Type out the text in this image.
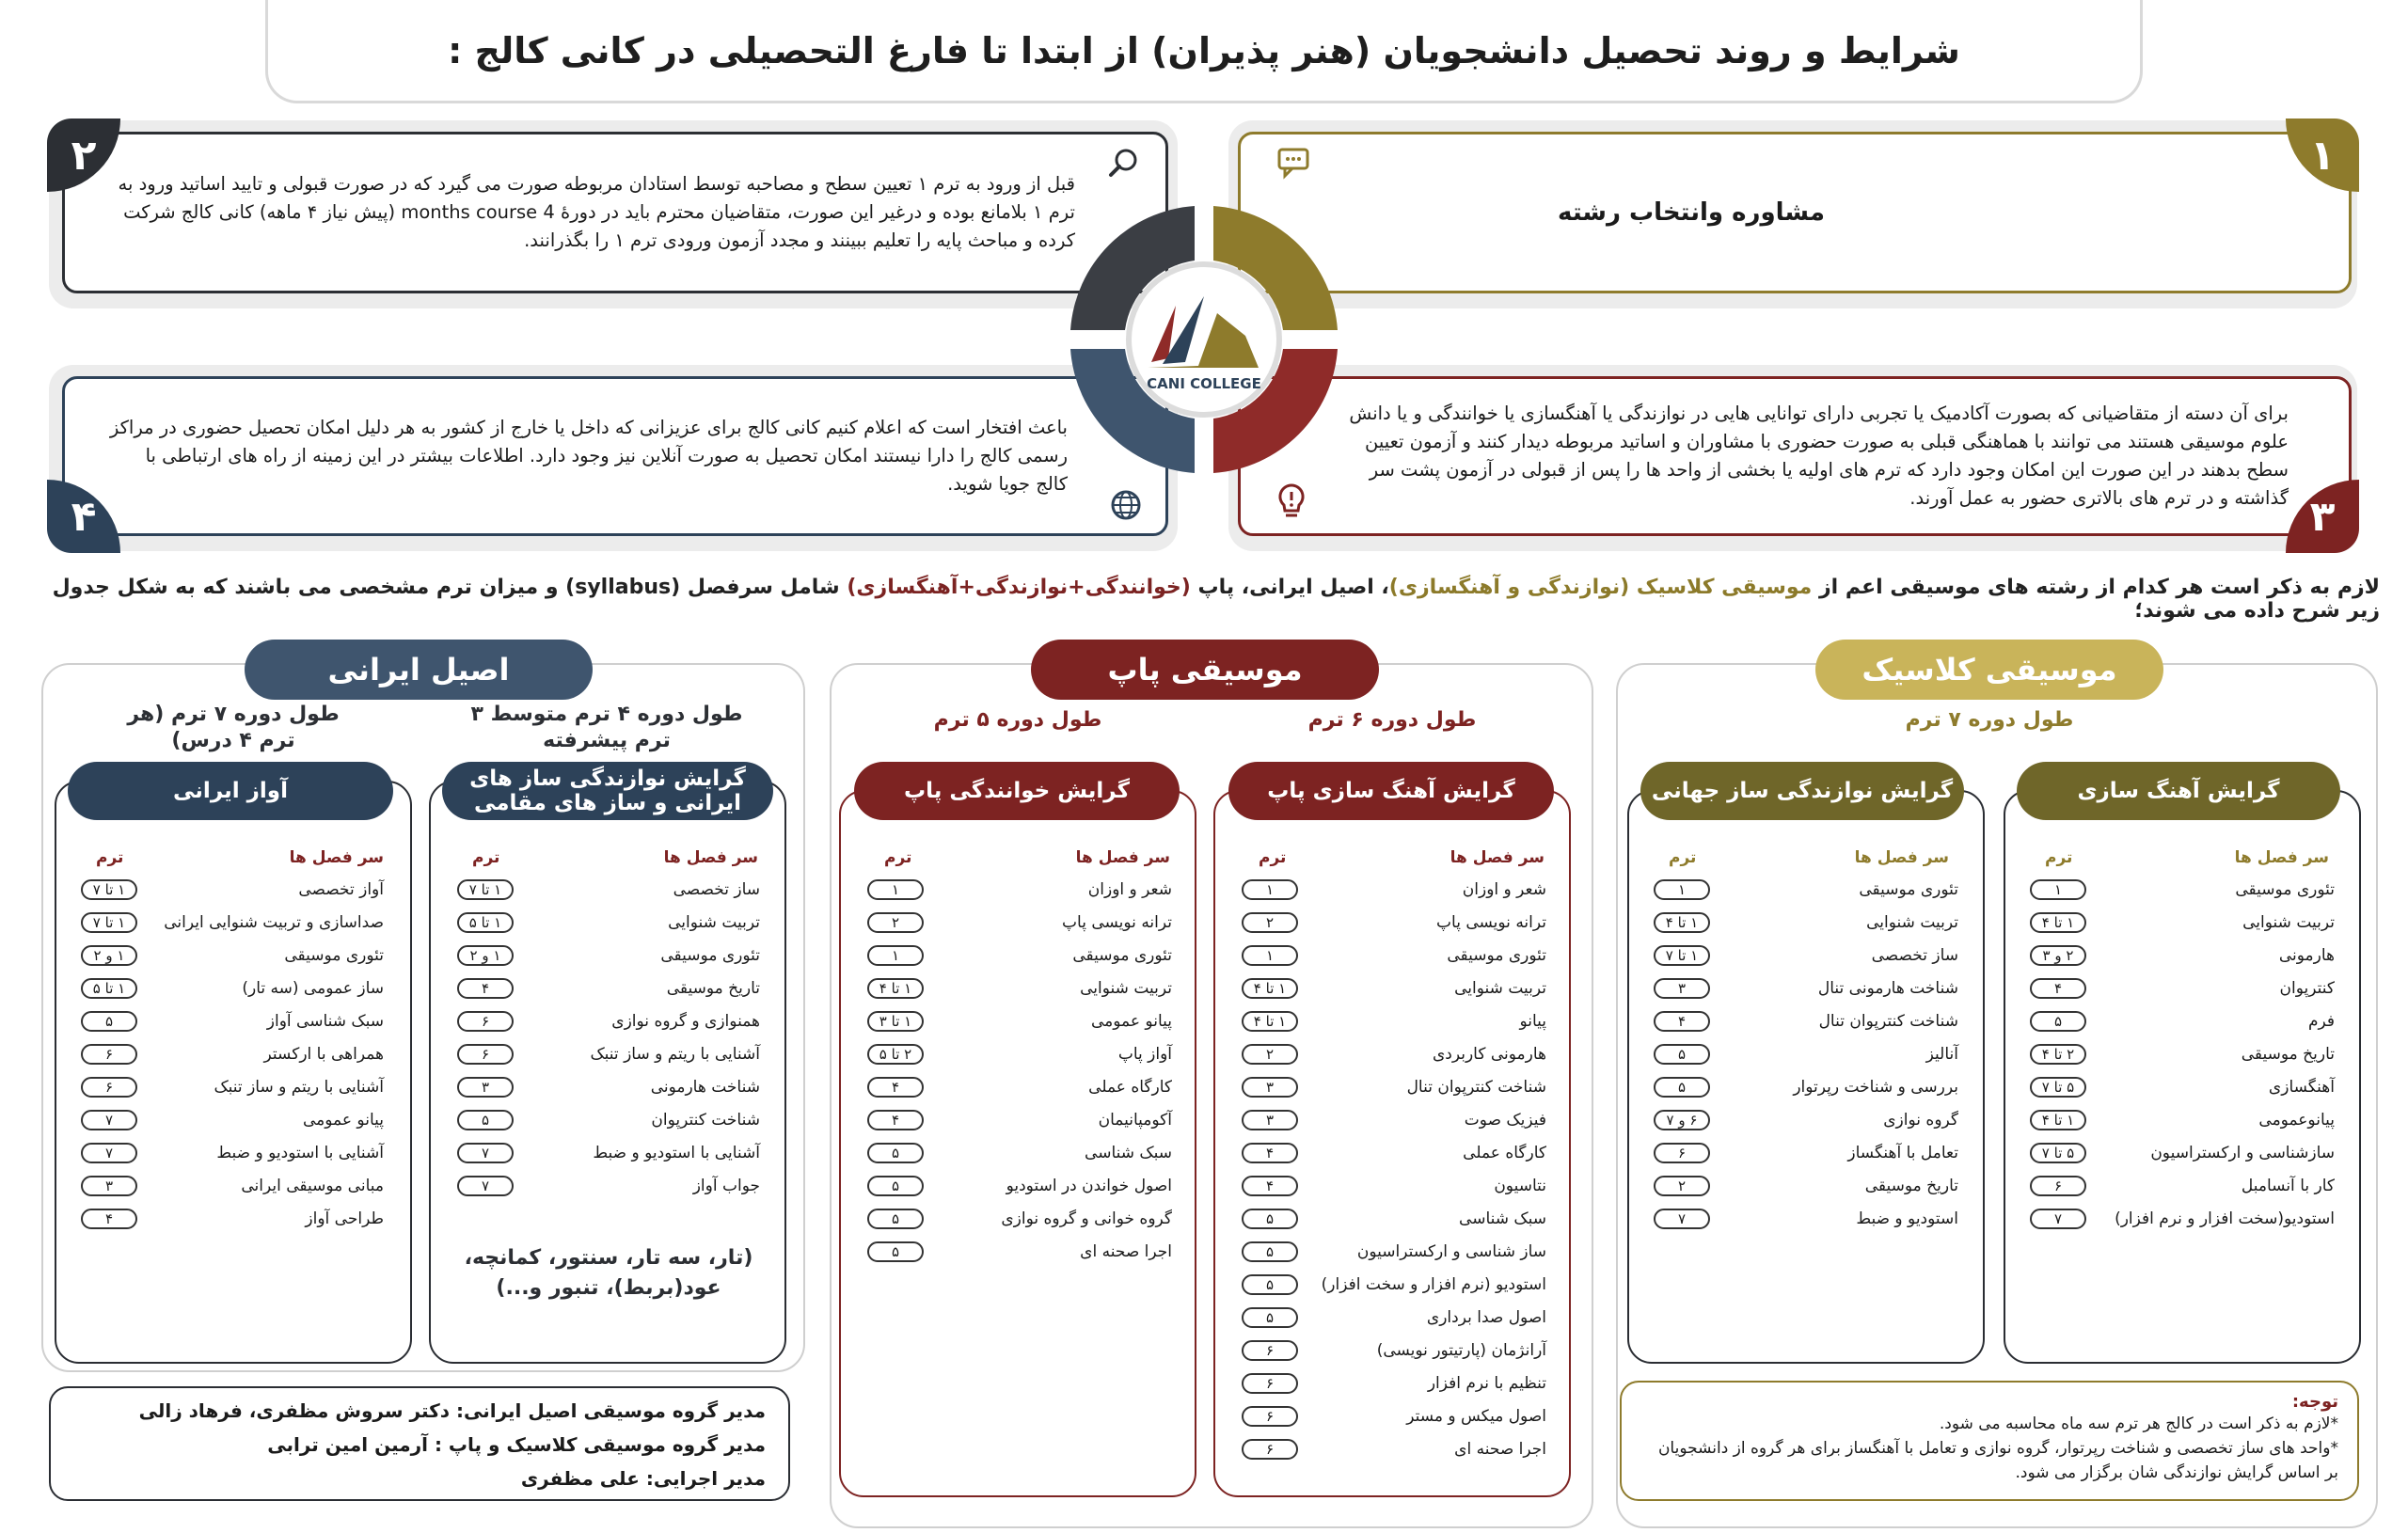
شرایط و روند تحصیل دانشجویان (هنر پذیران) از ابتدا تا فارغ التحصیلی در کانی کالج :
مشاوره وانتخاب رشته
۱
قبل از ورود به ترم ۱ تعیین سطح و مصاحبه توسط استادان مربوطه صورت می گیرد که در صورت قبولی و تایید اساتید ورود به ترم ۱ بلامانع بوده و درغیر این صورت، متقاضیان محترم باید در دورهٔ 4 months course (پیش نیاز ۴ ماهه) کانی کالج شرکت کرده و مباحث پایه را تعلیم ببینند و مجدد آزمون ورودی ترم ۱ را بگذرانند.
۲
برای آن دسته از متقاضیانی که بصورت آکادمیک یا تجربی دارای توانایی هایی در نوازندگی یا آهنگسازی یا خوانندگی و یا دانش علوم موسیقی هستند می توانند با هماهنگی قبلی به صورت حضوری با مشاوران و اساتید مربوطه دیدار کنند و آزمون تعیین سطح بدهند در این صورت این امکان وجود دارد که ترم های اولیه یا بخشی از واحد ها را پس از قبولی در آزمون پشت سر گذاشته و در ترم های بالاتری حضور به عمل آورند. ۳
باعث افتخار است که اعلام کنیم کانی کالج برای عزیزانی که داخل یا خارج از کشور به هر دلیل امکان تحصیل حضوری در مراکز رسمی کالج را دارا نیستند امکان تحصیل به صورت آنلاین نیز وجود دارد. اطلاعات بیشتر در این زمینه از راه های ارتباطی با کالج جویا شوید.
۴
CANI COLLEGE
لازم به ذکر است هر کدام از رشته های موسیقی اعم از موسیقی کلاسیک (نوازندگی و آهنگسازی)، اصیل ایرانی، پاپ (خوانندگی+نوازندگی+آهنگسازی) شامل سرفصل (syllabus) و میزان ترم مشخصی می باشند که به شکل جدول زیر شرح داده می شوند؛
موسیقی کلاسیک
طول دوره ۷ ترم
گرایش آهنگ سازی
سر فصل ها
ترم
تئوری موسیقی
۱
تربیت شنوایی
۱ تا ۴
هارمونی
۲ و ۳
کنترپوان
۴
فرم
۵
تاریخ موسیقی
۲ تا ۴
آهنگسازی
۵ تا ۷
پیانوعمومی
۱ تا ۴
سازشناسی و ارکستراسیون
۵ تا ۷
کار با آنسامبل
۶
استودیو(سخت افزار و نرم افزار)
۷
گرایش نوازندگی ساز جهانی
سر فصل ها
ترم
تئوری موسیقی
۱
تربیت شنوایی
۱ تا ۴
ساز تخصصی
۱ تا ۷
شناخت هارمونی تنال
۳
شناخت کنترپوان تنال
۴
آنالیز
۵
بررسی و شناخت رپرتوار
۵
گروه نوازی
۶ و ۷
تعامل با آهنگساز
۶
تاریخ موسیقی
۲
استودیو و ضبط
۷
توجه:
*لازم به ذکر است در کالج هر ترم سه ماه محاسبه می شود.
*واحد های ساز تخصصی و شناخت رپرتوار، گروه نوازی و تعامل با آهنگساز برای هر گروه از دانشجویان بر اساس گرایش نوازندگی شان برگزار می شود.
موسیقی پاپ
طول دوره ۶ ترم
گرایش آهنگ سازی پاپ
سر فصل ها
ترم
شعر و اوزان
۱
ترانه نویسی پاپ
۲
تئوری موسیقی
۱
تربیت شنوایی
۱ تا ۴
پیانو
۱ تا ۴
هارمونی کاربردی
۲
شناخت کنترپوان تنال
۳
فیزیک صوت
۳
کارگاه عملی
۴
نتاسیون
۴
سبک شناسی
۵
ساز شناسی و ارکستراسیون
۵
استودیو (نرم افزار و سخت افزار)
۵
اصول صدا برداری
۵
آرانژمان (پارتیتور نویسی)
۶
تنظیم با نرم افزار
۶
اصول میکس و مستر
۶
اجرا صحنه ای
۶
طول دوره ۵ ترم
گرایش خوانندگی پاپ
سر فصل ها
ترم
شعر و اوزان
۱
ترانه نویسی پاپ
۲
تئوری موسیقی
۱
تربیت شنوایی
۱ تا ۴
پیانو عمومی
۱ تا ۳
آواز پاپ
۲ تا ۵
کارگاه عملی
۴
آکومپانیمان
۴
سبک شناسی
۵
اصول خواندن در استودیو
۵
گروه خوانی و گروه نوازی
۵
اجرا صحنه ای
۵
اصیل ایرانی
طول دوره ۴ ترم متوسط ۳ ترم پیشرفته
گرایش نوازندگی ساز های ایرانی و ساز های مقامی
سر فصل ها
ترم
ساز تخصصی
۱ تا ۷
تربیت شنوایی
۱ تا ۵
تئوری موسیقی
۱ و ۲
تاریخ موسیقی
۴
همنوازی و گروه نوازی
۶
آشنایی با ریتم و ساز تنبک
۶
شناخت هارمونی
۳
شناخت کنترپوان
۵
آشنایی با استودیو و ضبط
۷
جواب آواز
۷
(تار، سه تار، سنتور، کمانچه، عود(بربط)، تنبور و...)
طول دوره ۷ ترم (هر ترم ۴ درس)
آواز ایرانی
سر فصل ها
ترم
آواز تخصصی
۱ تا ۷
صداسازی و تربیت شنوایی ایرانی
۱ تا ۷
تئوری موسیقی
۱ و ۲
ساز عمومی (سه تار)
۱ تا ۵
سبک شناسی آواز
۵
همراهی با ارکستر
۶
آشنایی با ریتم و ساز تنبک
۶
پیانو عمومی
۷
آشنایی با استودیو و ضبط
۷
مبانی موسیقی ایرانی
۳
طراحی آواز
۴
مدیر گروه موسیقی اصیل ایرانی: دکتر سروش مظفری، فرهاد زالی
مدیر گروه موسیقی کلاسیک و پاپ : آرمین امین ترابی
مدیر اجرایی: علی مظفری
